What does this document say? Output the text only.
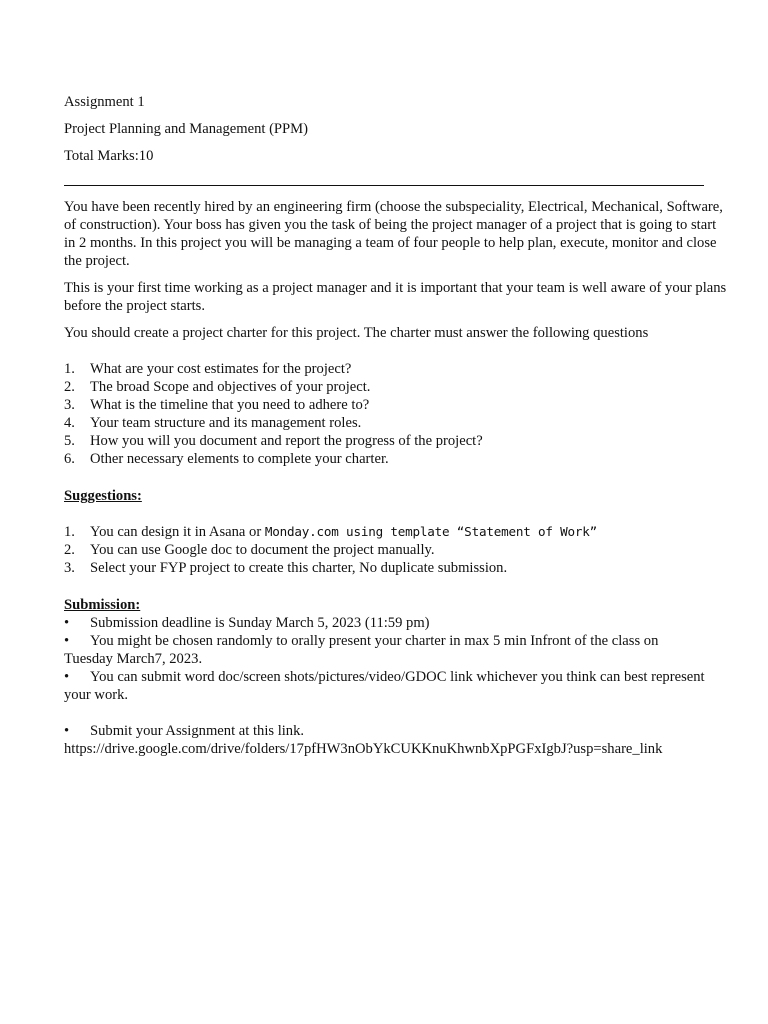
Assignment 1

Project Planning and Management (PPM)

Total Marks:10

You have been recently hired by an engineering firm (choose the subspeciality, Electrical, Mechanical, Software, of construction). Your boss has given you the task of being the project manager of a project that is going to start in 2 months. In this project you will be managing a team of four people to help plan, execute, monitor and close the project.

This is your first time working as a project manager and it is important that your team is well aware of your plans before the project starts.

You should create a project charter for this project. The charter must answer the following questions

1. What are your cost estimates for the project?
2. The broad Scope and objectives of your project.
3. What is the timeline that you need to adhere to?
4. Your team structure and its management roles.
5. How you will you document and report the progress of the project?
6. Other necessary elements to complete your charter.

Suggestions:

1. You can design it in Asana or Monday.com using template “Statement of Work”
2. You can use Google doc to document the project manually.
3. Select your FYP project to create this charter, No duplicate submission.

Submission:

• Submission deadline is Sunday March 5, 2023 (11:59 pm)
• You might be chosen randomly to orally present your charter in max 5 min Infront of the class on
Tuesday March7, 2023.
• You can submit word doc/screen shots/pictures/video/GDOC link whichever you think can best represent
your work.
• Submit your Assignment at this link.
https://drive.google.com/drive/folders/17pfHW3nObYkCUKKnuKhwnbXpPGFxIgbJ?usp=share_link
